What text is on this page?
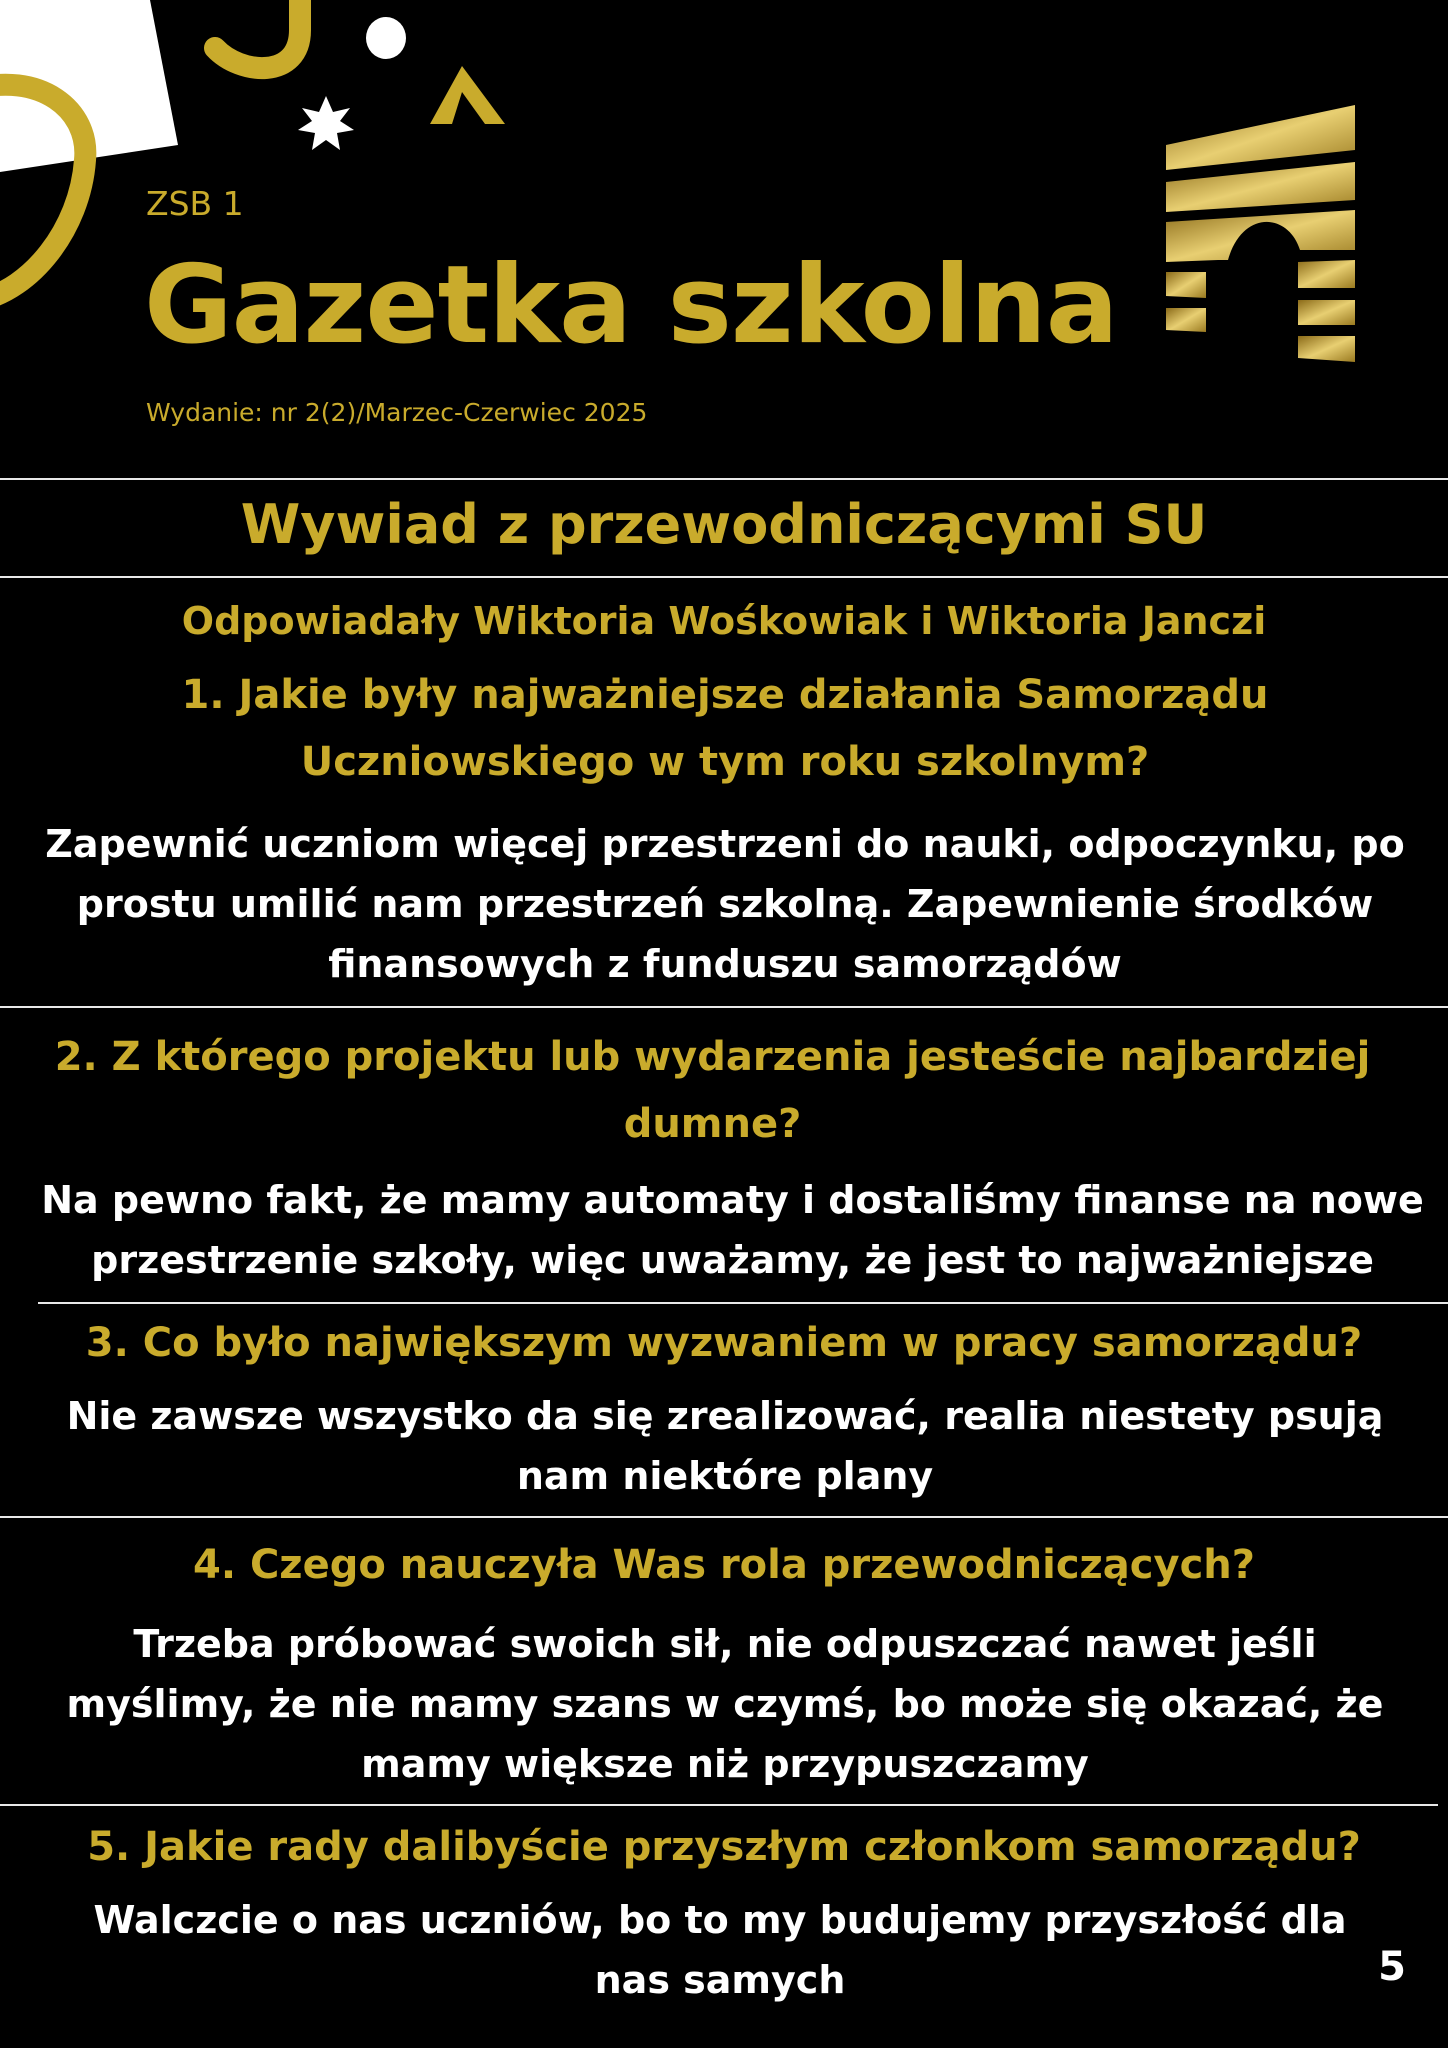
ZSB 1
Gazetka szkolna
Wydanie: nr 2(2)/Marzec-Czerwiec 2025
Wywiad z przewodniczącymi SU
Odpowiadały Wiktoria Wośkowiak i Wiktoria Janczi
1. Jakie były najważniejsze działania Samorządu Uczniowskiego w tym roku szkolnym?
Zapewnić uczniom więcej przestrzeni do nauki, odpoczynku, po prostu umilić nam przestrzeń szkolną. Zapewnienie środków finansowych z funduszu samorządów
2. Z którego projektu lub wydarzenia jesteście najbardziej dumne?
Na pewno fakt, że mamy automaty i dostaliśmy finanse na nowe przestrzenie szkoły, więc uważamy, że jest to najważniejsze
3. Co było największym wyzwaniem w pracy samorządu?
Nie zawsze wszystko da się zrealizować, realia niestety psują nam niektóre plany
4. Czego nauczyła Was rola przewodniczących?
Trzeba próbować swoich sił, nie odpuszczać nawet jeśli myślimy, że nie mamy szans w czymś, bo może się okazać, że mamy większe niż przypuszczamy
5. Jakie rady dalibyście przyszłym członkom samorządu?
Walczcie o nas uczniów, bo to my budujemy przyszłość dla nas samych	5
